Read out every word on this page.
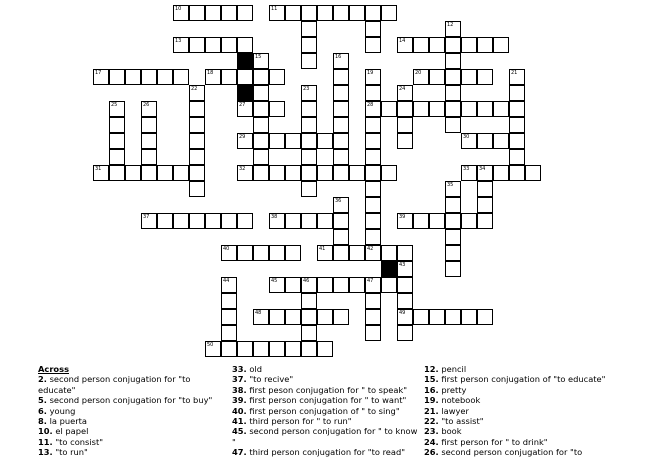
10	11
12
13	14
15	16
17	18	19	20	21
22	23	24
25	26	27	28
29	30
31	32	33 34
35
36
37	38	39
40	41	42
43
44	45	46	47
48	49
50
Across
2. second person conjugation for "to
educate"
5. second person conjugation for "to buy"
6. young
8. la puerta
10. el papel
11. "to consist"
13. "to run"
33. old
37. "to recive"
38. first peson conjugation for " to speak"
39. first person conjugation for " to want"
40. first person conjugation of " to sing"
41. third person for " to run"
45. second person conjugation for " to know
"
47. third person conjugation for "to read"
12. pencil
15. first person conjugation of "to educate"
16. pretty
19. notebook
21. lawyer
22. "to assist"
23. book
24. first person for " to drink"
26. second person conjugation for "to
